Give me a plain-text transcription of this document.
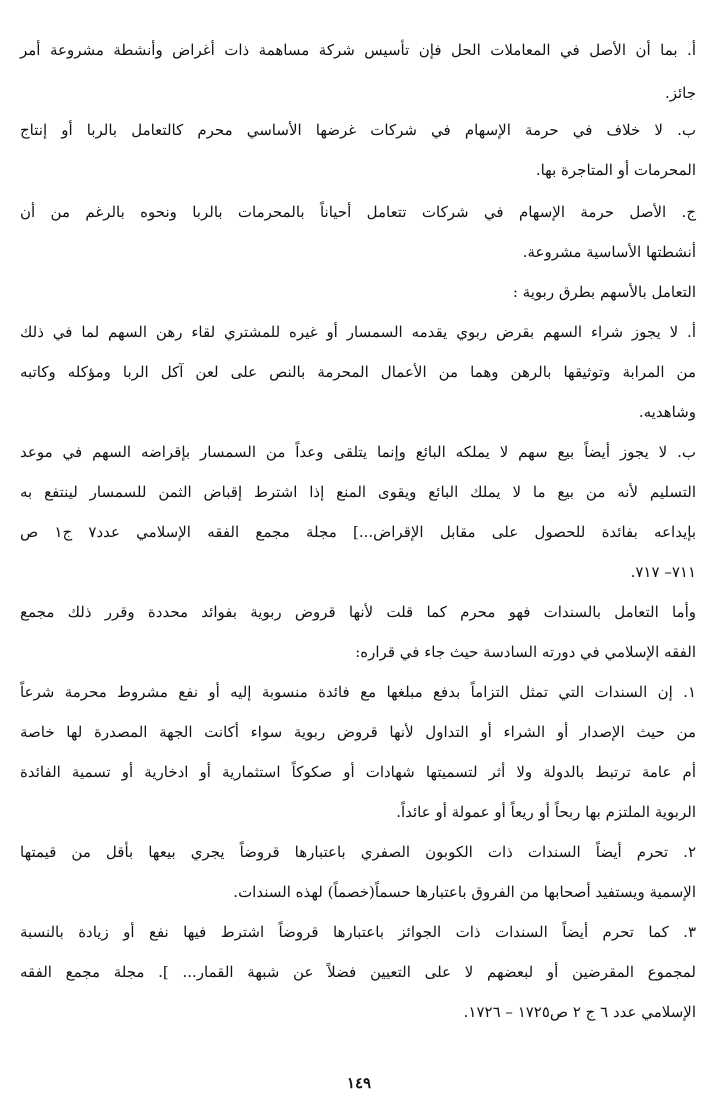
أ. بما أن الأصل في المعاملات الحل فإن تأسيس شركة مساهمة ذات أغراض وأنشطة مشروعة أمر
جائز.
ب. لا خلاف في حرمة الإسهام في شركات غرضها الأساسي محرم كالتعامل بالربا أو إنتاج
المحرمات أو المتاجرة بها.
ج. الأصل حرمة الإسهام في شركات تتعامل أحياناً بالمحرمات بالربا ونحوه بالرغم من أن
أنشطتها الأساسية مشروعة.
التعامل بالأسهم بطرق ربوية :
أ. لا يجوز شراء السهم بقرض ربوي يقدمه السمسار أو غيره للمشتري لقاء رهن السهم لما في ذلك
من المرابة وتوثيقها بالرهن وهما من الأعمال المحرمة بالنص على لعن آكل الربا ومؤكله وكاتبه
وشاهديه.
ب. لا يجوز أيضاً بيع سهم لا يملكه البائع وإنما يتلقى وعداً من السمسار بإقراضه السهم في موعد
التسليم لأنه من بيع ما لا يملك البائع ويقوى المنع إذا اشترط إقباض الثمن للسمسار لينتفع به
بإيداعه بفائدة للحصول على مقابل الإقراض...] مجلة مجمع الفقه الإسلامي عدد٧ ج١ ص
٧١١– ٧١٧.
وأما التعامل بالسندات فهو محرم كما قلت لأنها قروض ربوية بفوائد محددة وقرر ذلك مجمع
الفقه الإسلامي في دورته السادسة حيث جاء في قراره:
١. إن السندات التي تمثل التزاماً بدفع مبلغها مع فائدة منسوبة إليه أو نفع مشروط محرمة شرعاً
من حيث الإصدار أو الشراء أو التداول لأنها قروض ربوية سواء أكانت الجهة المصدرة لها خاصة
أم عامة ترتبط بالدولة ولا أثر لتسميتها شهادات أو صكوكاً استثمارية أو ادخارية أو تسمية الفائدة
الربوية الملتزم بها ربحاً أو ريعاً أو عمولة أو عائداً.
٢. تحرم أيضاً السندات ذات الكوبون الصفري باعتبارها قروضاً يجري بيعها بأقل من قيمتها
الإسمية ويستفيد أصحابها من الفروق باعتبارها حسماً(خصماً) لهذه السندات.
٣. كما تحرم أيضاً السندات ذات الجوائز باعتبارها قروضاً اشترط فيها نفع أو زيادة بالنسبة
لمجموع المقرضين أو لبعضهم لا على التعيين فضلاً عن شبهة القمار... ]. مجلة مجمع الفقه
الإسلامي عدد ٦ ج ٢ ص١٧٢٥ – ١٧٢٦.
١٤٩
